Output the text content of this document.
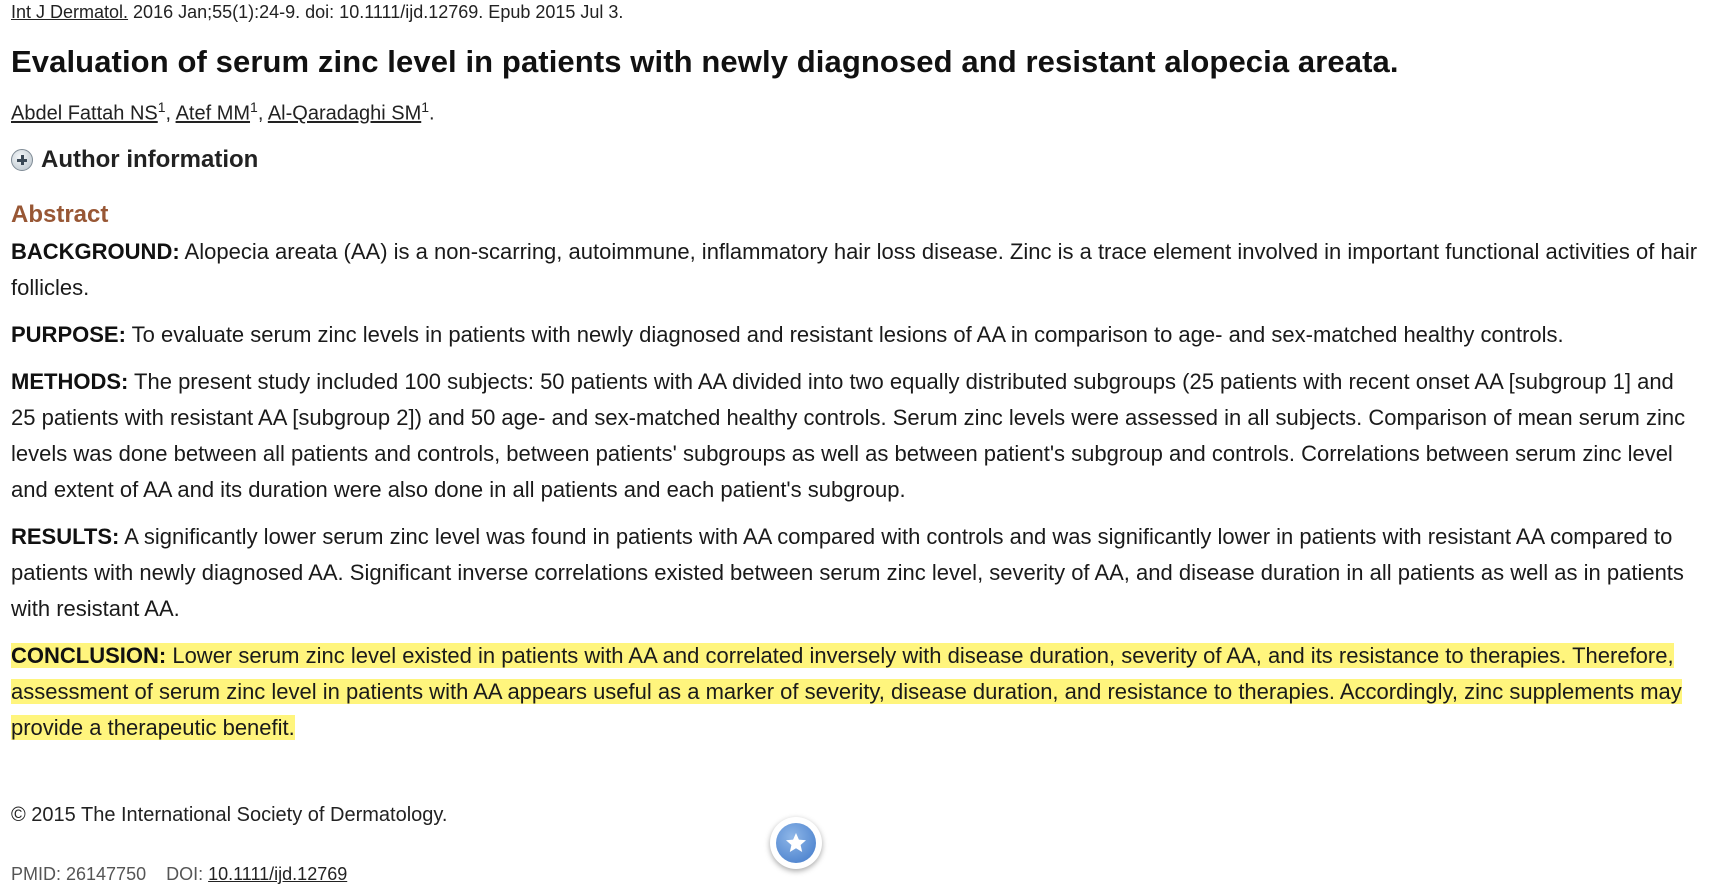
Int J Dermatol. 2016 Jan;55(1):24-9. doi: 10.1111/ijd.12769. Epub 2015 Jul 3.
Evaluation of serum zinc level in patients with newly diagnosed and resistant alopecia areata.
Abdel Fattah $NS^1$, Atef $MM^1$, Al-Qaradaghi $SM^1$.
Author information
Abstract

BACKGROUND: Alopecia areata (AA) is a non-scarring, autoimmune, inflammatory hair loss disease. Zinc is a trace element involved in important functional activities of hair follicles.

PURPOSE: To evaluate serum zinc levels in patients with newly diagnosed and resistant lesions of AA in comparison to age- and sex-matched healthy controls.

METHODS: The present study included 100 subjects: 50 patients with AA divided into two equally distributed subgroups (25 patients with recent onset AA [subgroup 1] and 25 patients with resistant AA [subgroup 2]) and 50 age- and sex-matched healthy controls. Serum zinc levels were assessed in all subjects. Comparison of mean serum zinc levels was done between all patients and controls, between patients' subgroups as well as between patient's subgroup and controls. Correlations between serum zinc level and extent of AA and its duration were also done in all patients and each patient's subgroup.

RESULTS: A significantly lower serum zinc level was found in patients with AA compared with controls and was significantly lower in patients with resistant AA compared to patients with newly diagnosed AA. Significant inverse correlations existed between serum zinc level, severity of AA, and disease duration in all patients as well as in patients with resistant AA.

CONCLUSION: Lower serum zinc level existed in patients with AA and correlated inversely with disease duration, severity of AA, and its resistance to therapies. Therefore, assessment of serum zinc level in patients with AA appears useful as a marker of severity, disease duration, and resistance to therapies. Accordingly, zinc supplements may provide a therapeutic benefit.

© 2015 The International Society of Dermatology.
PMID: 26147750 DOI: 10.1111/ijd.12769
